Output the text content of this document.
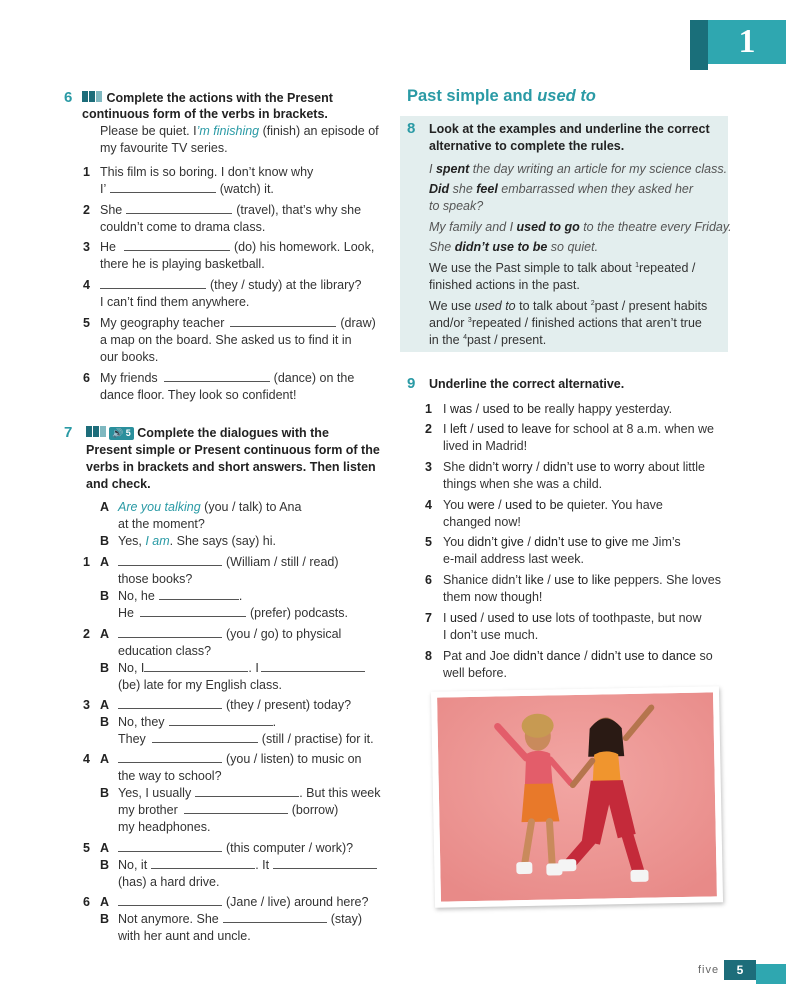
1
6	Complete the actions with the Present
continuous form of the verbs in brackets.
Please be quiet. I’m finishing (finish) an episode of
my favourite TV series.
1 This film is so boring. I don’t know why
I’	(watch) it.
2 She	(travel), that’s why she
couldn’t come to drama class.
3 He	(do) his homework. Look,
there he is playing basketball.
4	(they / study) at the library?
I can’t find them anywhere.
5 My geography teacher	(draw)
a map on the board. She asked us to find it in
our books.
6 My friends	(dance) on the
dance floor. They look so confident!
7	🔊 5 Complete the dialogues with the
Present simple or Present continuous form of the
verbs in brackets and short answers. Then listen
and check.
A Are you talking (you / talk) to Ana
at the moment?
B Yes, I am. She says (say) hi.
1 A	(William / still / read)
those books?
B No, he	.
He	(prefer) podcasts.
2 A	(you / go) to physical
education class?
B No, I	. I
(be) late for my English class.
3 A	(they / present) today?
B No, they	.
They	(still / practise) for it.
4 A	(you / listen) to music on
the way to school?
B Yes, I usually	. But this week
my brother	(borrow)
my headphones.
5 A	(this computer / work)?
B No, it	. It
(has) a hard drive.
6 A	(Jane / live) around here?
B Not anymore. She	(stay)
with her aunt and uncle.
Past simple and used to
8 Look at the examples and underline the correct
alternative to complete the rules.
I spent the day writing an article for my science class.
Did she feel embarrassed when they asked her
to speak?
My family and I used to go to the theatre every Friday.
She didn’t use to be so quiet.
We use the Past simple to talk about $^1$repeated /
finished actions in the past.
We use used to to talk about $^2$past / present habits
and/or $^3$repeated / finished actions that aren’t true
in the $^4$past / present.
9 Underline the correct alternative.
1 I was / used to be really happy yesterday.
2 I left / used to leave for school at 8 a.m. when we
lived in Madrid!
3 She didn’t worry / didn’t use to worry about little
things when she was a child.
4 You were / used to be quieter. You have
changed now!
5 You didn’t give / didn’t use to give me Jim’s
e-mail address last week.
6 Shanice didn’t like / use to like peppers. She loves
them now though!
7 I used / used to use lots of toothpaste, but now
I don’t use much.
8 Pat and Joe didn’t dance / didn’t use to dance so
well before.
five	5
